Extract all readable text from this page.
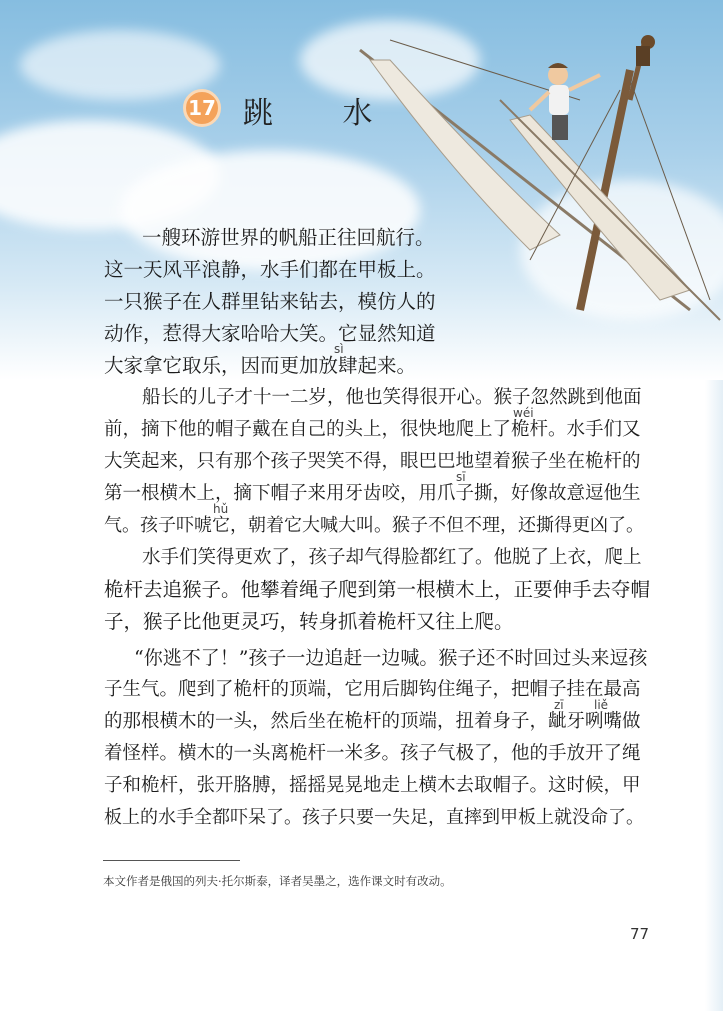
17 跳 水
一艘环游世界的帆船正往回航行。
这一天风平浪静，水手们都在甲板上。
一只猴子在人群里钻来钻去，模仿人的
动作，惹得大家哈哈大笑。它显然知道
sì
大家拿它取乐，因而更加放肆起来。
船长的儿子才十一二岁，他也笑得很开心。猴子忽然跳到他面
wéi
前，摘下他的帽子戴在自己的头上，很快地爬上了桅杆。水手们又
大笑起来，只有那个孩子哭笑不得，眼巴巴地望着猴子坐在桅杆的
sī
第一根横木上，摘下帽子来用牙齿咬，用爪子撕，好像故意逗他生
hǔ
气。孩子吓唬它，朝着它大喊大叫。猴子不但不理，还撕得更凶了。
水手们笑得更欢了，孩子却气得脸都红了。他脱了上衣，爬上
桅杆去追猴子。他攀着绳子爬到第一根横木上，正要伸手去夺帽
子，猴子比他更灵巧，转身抓着桅杆又往上爬。
“你逃不了！”孩子一边追赶一边喊。猴子还不时回过头来逗孩
子生气。爬到了桅杆的顶端，它用后脚钩住绳子，把帽子挂在最高
zī	liě
的那根横木的一头，然后坐在桅杆的顶端，扭着身子，龇牙咧嘴做
着怪样。横木的一头离桅杆一米多。孩子气极了，他的手放开了绳
子和桅杆，张开胳膊，摇摇晃晃地走上横木去取帽子。这时候，甲
板上的水手全都吓呆了。孩子只要一失足，直摔到甲板上就没命了。
本文作者是俄国的列夫·托尔斯泰，译者吴墨之，选作课文时有改动。
77
